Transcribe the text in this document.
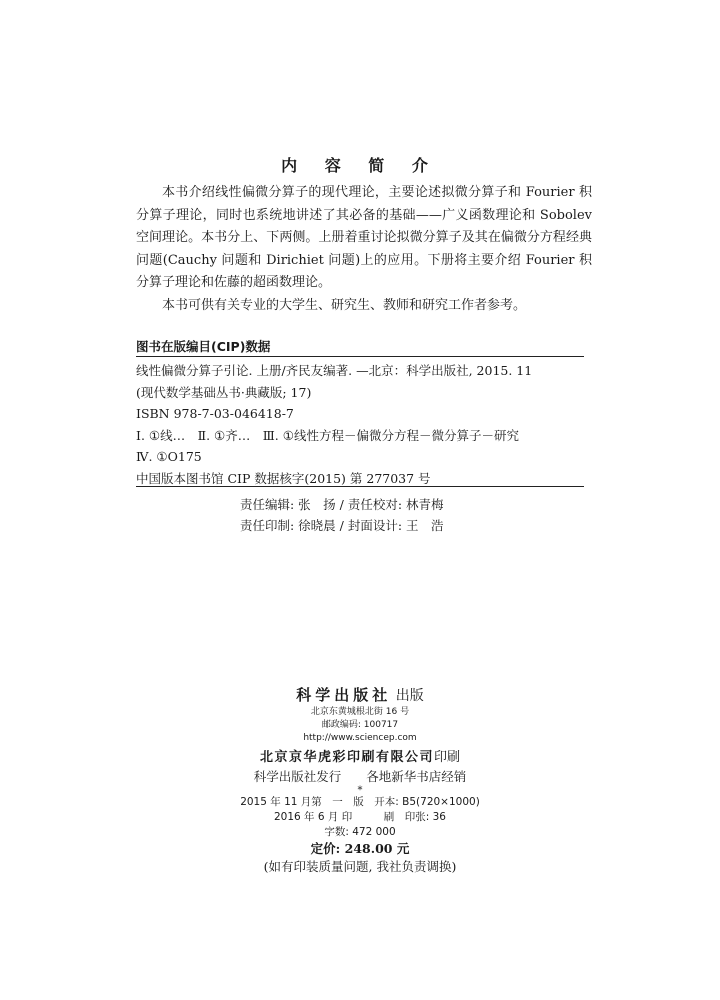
内 容 简 介

本书介绍线性偏微分算子的现代理论，主要论述拟微分算子和 Fourier 积分算子理论，同时也系统地讲述了其必备的基础——广义函数理论和 Sobolev 空间理论。本书分上、下两侧。上册着重讨论拟微分算子及其在偏微分方程经典问题(Cauchy 问题和 Dirichiet 问题)上的应用。下册将主要介绍 Fourier 积分算子理论和佐藤的超函数理论。

本书可供有关专业的大学生、研究生、教师和研究工作者参考。

图书在版编目(CIP)数据
线性偏微分算子引论. 上册/齐民友编著. —北京：科学出版社, 2015. 11
(现代数学基础丛书·典藏版; 17)
ISBN 978-7-03-046418-7
Ⅰ. ①线…　Ⅱ. ①齐…　Ⅲ. ①线性方程－偏微分方程－微分算子－研究
Ⅳ. ①O175
中国版本图书馆 CIP 数据核字(2015) 第 277037 号
责任编辑: 张　扬 / 责任校对: 林青梅
责任印制: 徐晓晨 / 封面设计: 王　浩
科学出版社 出版
北京东黄城根北街 16 号
邮政编码: 100717
http://www.sciencep.com
北京京华虎彩印刷有限公司印刷
科学出版社发行　　各地新华书店经销
*
2015 年 11 月第　一　版　开本: B5(720×1000)
2016 年 6 月 印　　　刷　印张: 36
字数: 472 000
定价: 248.00 元
(如有印装质量问题, 我社负责调换)
